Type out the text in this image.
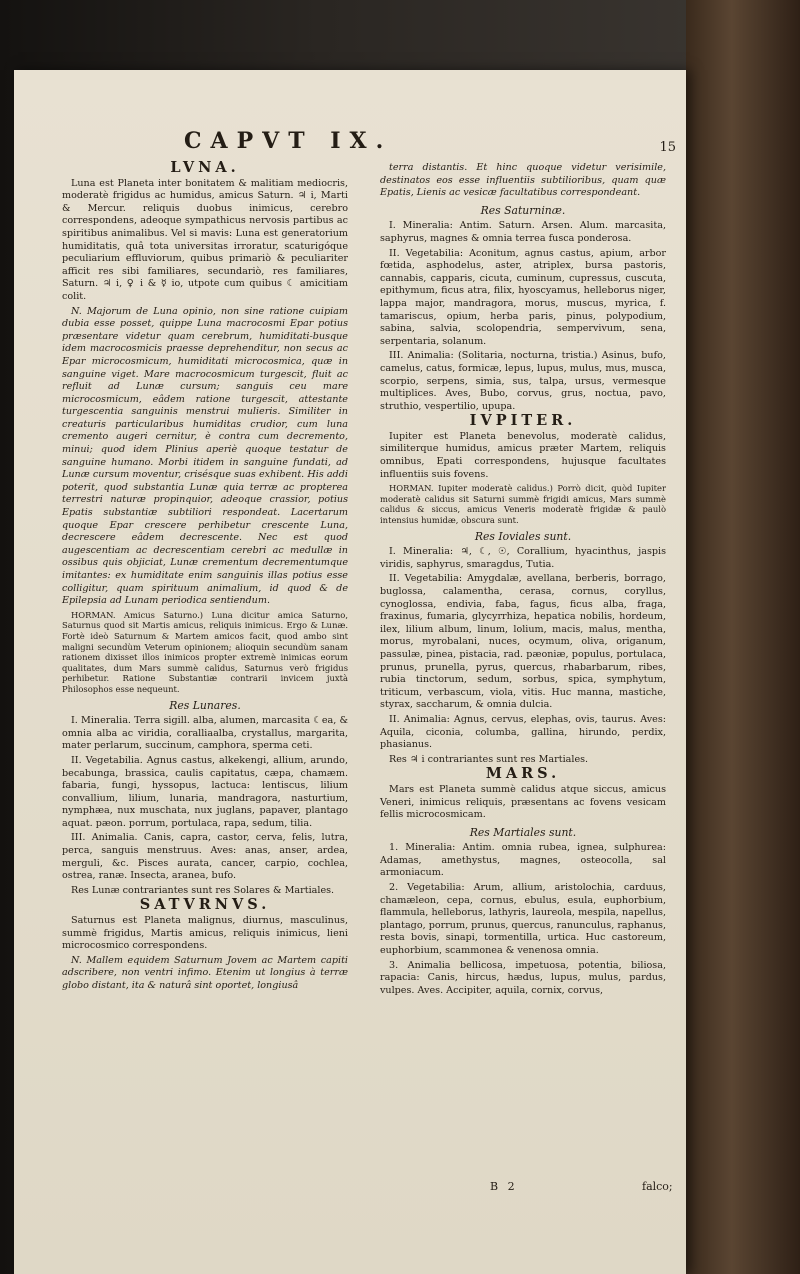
CAPVT IX.	15
LVNA.

Luna est Planeta inter bonitatem & malitiam mediocris, moderatè frigidus ac humidus, amicus Saturn. ♃ i, Marti & Mercur. reliquis duobus inimicus, cerebro correspondens, adeoque sympathicus nervosis partibus ac spiritibus animalibus. Vel si mavis: Luna est generatorium humiditatis, quâ tota universitas irroratur, scaturigóque peculiarium effluviorum, quibus primariò & peculiariter afficit res sibi familiares, secundariò, res familiares, Saturn. ♃ i, ♀ i & ☿ io, utpote cum quibus ☾ amicitiam colit.

N. Majorum de Luna opinio, non sine ratione cuipiam dubia esse posset, quippe Luna macrocosmi Epar potius præsentare videtur quam cerebrum, humiditati-busque idem macrocosmicis praesse deprehenditur, non secus ac Epar microcosmicum, humiditati microcosmica, quæ in sanguine viget. Mare macrocosmicum turgescit, fluit ac refluit ad Lunæ cursum; sanguis ceu mare microcosmicum, eâdem ratione turgescit, attestante turgescentia sanguinis menstrui mulieris. Similiter in creaturis particularibus humiditas crudior, cum luna cremento augeri cernitur, è contra cum decremento, minui; quod idem Plinius aperiè quoque testatur de sanguine humano. Morbi itidem in sanguine fundati, ad Lunæ cursum moventur, crisésque suas exhibent. His addi poterit, quod substantia Lunæ quia terræ ac propterea terrestri naturæ propinquior, adeoque crassior, potius Epatis substantiæ subtiliori respondeat. Lacertarum quoque Epar crescere perhibetur crescente Luna, decrescere eâdem decrescente. Nec est quod augescentiam ac decrescentiam cerebri ac medullæ in ossibus quis objiciat, Lunæ crementum decrementumque imitantes: ex humiditate enim sanguinis illas potius esse colligitur, quam spirituum animalium, id quod & de Epilepsia ad Lunam periodica sentiendum.

HORMAN. Amicus Saturno.) Luna dicitur amica Saturno, Saturnus quod sit Martis amicus, reliquis inimicus. Ergo & Lunæ. Fortè ideò Saturnum & Martem amicos facit, quod ambo sint maligni secundùm Veterum opinionem; alioquin secundùm sanam rationem dixisset illos inimicos propter extremè inimicas eorum qualitates, dum Mars summè calidus, Saturnus verò frigidus perhibetur. Ratione Substantiæ contrarii invicem juxtà Philosophos esse nequeunt.

Res Lunares.

I. Mineralia. Terra sigill. alba, alumen, marcasita ☾ea, & omnia alba ac viridia, coralliaalba, crystallus, margarita, mater perlarum, succinum, camphora, sperma ceti.

II. Vegetabilia. Agnus castus, alkekengi, allium, arundo, becabunga, brassica, caulis capitatus, cæpa, chamæm. fabaria, fungi, hyssopus, lactuca: lentiscus, lilium convallium, lilium, lunaria, mandragora, nasturtium, nymphæa, nux muschata, nux juglans, papaver, plantago aquat. pæon. porrum, portulaca, rapa, sedum, tilia.

III. Animalia. Canis, capra, castor, cerva, felis, lutra, perca, sanguis menstruus. Aves: anas, anser, ardea, merguli, &c. Pisces aurata, cancer, carpio, cochlea, ostrea, ranæ. Insecta, aranea, bufo.

Res Lunæ contrariantes sunt res Solares & Martiales.

SATVRNVS.

Saturnus est Planeta malignus, diurnus, masculinus, summè frigidus, Martis amicus, reliquis inimicus, lieni microcosmico correspondens.

N. Mallem equidem Saturnum Jovem ac Martem capiti adscribere, non ventri infimo. Etenim ut longius à terræ globo distant, ita & naturâ sint oportet, longiusâ

terra distantis. Et hinc quoque videtur verisimile, destinatos eos esse influentiis subtilioribus, quam quæ Epatis, Lienis ac vesicæ facultatibus correspondeant.

Res Saturninæ.

I. Mineralia: Antim. Saturn. Arsen. Alum. marcasita, saphyrus, magnes & omnia terrea fusca ponderosa.

II. Vegetabilia: Aconitum, agnus castus, apium, arbor fœtida, asphodelus, aster, atriplex, bursa pastoris, cannabis, capparis, cicuta, cuminum, cupressus, cuscuta, epithymum, ficus atra, filix, hyoscyamus, helleborus niger, lappa major, mandragora, morus, muscus, myrica, f. tamariscus, opium, herba paris, pinus, polypodium, sabina, salvia, scolopendria, sempervivum, sena, serpentaria, solanum.

III. Animalia: (Solitaria, nocturna, tristia.) Asinus, bufo, camelus, catus, formicæ, lepus, lupus, mulus, mus, musca, scorpio, serpens, simia, sus, talpa, ursus, vermesque multiplices. Aves, Bubo, corvus, grus, noctua, pavo, struthio, vespertilio, upupa.

IVPITER.

Iupiter est Planeta benevolus, moderatè calidus, similiterque humidus, amicus præter Martem, reliquis omnibus, Epati correspondens, hujusque facultates influentiis suis fovens.

HORMAN. Iupiter moderatè calidus.) Porrò dicit, quòd Iupiter moderatè calidus sit Saturni summè frigidi amicus, Mars summè calidus & siccus, amicus Veneris moderatè frigidæ & paulò intensius humidæ, obscura sunt.

Res Ioviales sunt.

I. Mineralia: ♃, ☾, ☉, Corallium, hyacinthus, jaspis viridis, saphyrus, smaragdus, Tutia.

II. Vegetabilia: Amygdalæ, avellana, berberis, borrago, buglossa, calamentha, cerasa, cornus, coryllus, cynoglossa, endivia, faba, fagus, ficus alba, fraga, fraxinus, fumaria, glycyrrhiza, hepatica nobilis, hordeum, ilex, lilium album, linum, lolium, macis, malus, mentha, morus, myrobalani, nuces, ocymum, oliva, origanum, passulæ, pinea, pistacia, rad. pæoniæ, populus, portulaca, prunus, prunella, pyrus, quercus, rhabarbarum, ribes, rubia tinctorum, sedum, sorbus, spica, symphytum, triticum, verbascum, viola, vitis. Huc manna, mastiche, styrax, saccharum, & omnia dulcia.

II. Animalia: Agnus, cervus, elephas, ovis, taurus. Aves: Aquila, ciconia, columba, gallina, hirundo, perdix, phasianus.

Res ♃ i contrariantes sunt res Martiales.

MARS.

Mars est Planeta summè calidus atque siccus, amicus Veneri, inimicus reliquis, præsentans ac fovens vesicam fellis microcosmicam.

Res Martiales sunt.

1. Mineralia: Antim. omnia rubea, ignea, sulphurea: Adamas, amethystus, magnes, osteocolla, sal armoniacum.

2. Vegetabilia: Arum, allium, aristolochia, carduus, chamæleon, cepa, cornus, ebulus, esula, euphorbium, flammula, helleborus, lathyris, laureola, mespila, napellus, plantago, porrum, prunus, quercus, ranunculus, raphanus, resta bovis, sinapi, tormentilla, urtica. Huc castoreum, euphorbium, scammonea & venenosa omnia.

3. Animalia bellicosa, impetuosa, potentia, biliosa, rapacia: Canis, hircus, hædus, lupus, mulus, pardus, vulpes. Aves. Accipiter, aquila, cornix, corvus,

B 2	falco;
